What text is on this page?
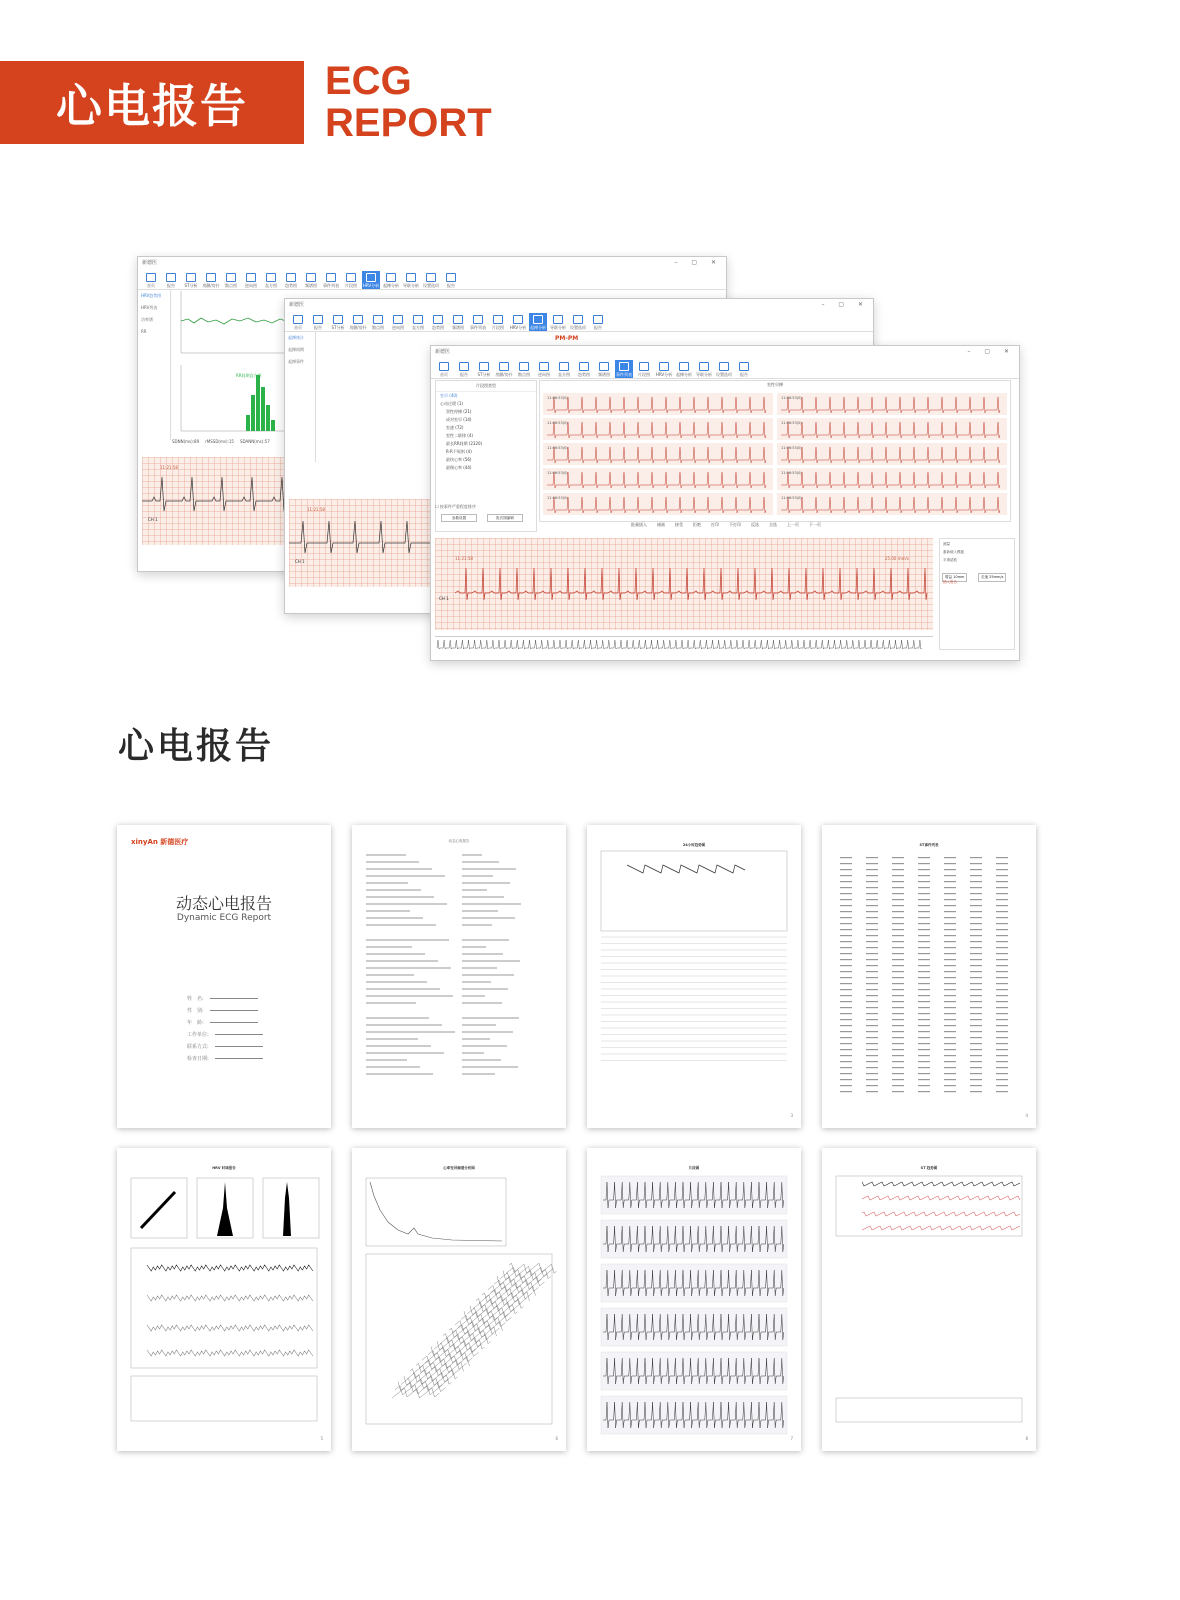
心电报告 ECG
REPORT
新德医	– ▢ ✕
首页	报告 ST分析 房颤/房扑 散点图 逆向图 直方图 趋势图 频谱图 事件列表 片段图 HRV分析 起搏分析 导联分析 设置选项 报告
HRV趋势图
HRV列表
功率谱
RR
RR间期直方图
SDNN(ms):89 rMSSD(ms):15 SDANN(ms):57
11:21:58
CH 1
新德医	– ▢ ✕
首页	报告 ST分析 房颤/房扑 散点图 逆向图 直方图 趋势图 频谱图 事件列表 片段图 HRV分析 起搏分析 导联分析 设置选项 报告
PM-PM
起搏统计
起搏间期
起搏事件
11:21:58
CH 1
新德医	– ▢ ✕
首页	报告 ST分析 房颤/房扑 散点图 逆向图 直方图 趋势图 频谱图 事件列表 片段图 HRV分析 起搏分析 导联分析 设置选项 报告
片段图类型
室早 (40)
心动过缓 (1)
窦性停搏 (21)
成对室早 (14)
室速 (72)
室性二联律 (4)
最长RR间期 (2320)
R-R不规则 (4)
最快心率 (56)
最慢心率 (44)
☐ 按事件严重程度排序
参数设置	批次图编辑
室性早搏
11:06:53(0)	11:06:53(0)
11:06:53(0)	11:06:53(0)
11:06:53(0)	11:06:53(0)
11:06:53(0)	11:06:53(0)
11:06:53(0)	11:06:53(0)
批量插入	储画	接受	拒绝	打印	不打印	反选	全选	上一页	下一页
11:21:58
CH 1
25.00 mm/s
增益 10mm	走速 25mm/s
测量
重新载入模板
平滑滤波
插入报告
心电报告
xinyAn 新德医疗
动态心电报告
Dynamic ECG Report
姓　名:
性　别:
年　龄:
工作单位:
联系方式:
检查日期:
动态心电报告
24小时趋势图
3
ST事件列表
4
HRV 时域报告
5
心率变异频谱分析图
6
片段图
7
ST 趋势图
8
